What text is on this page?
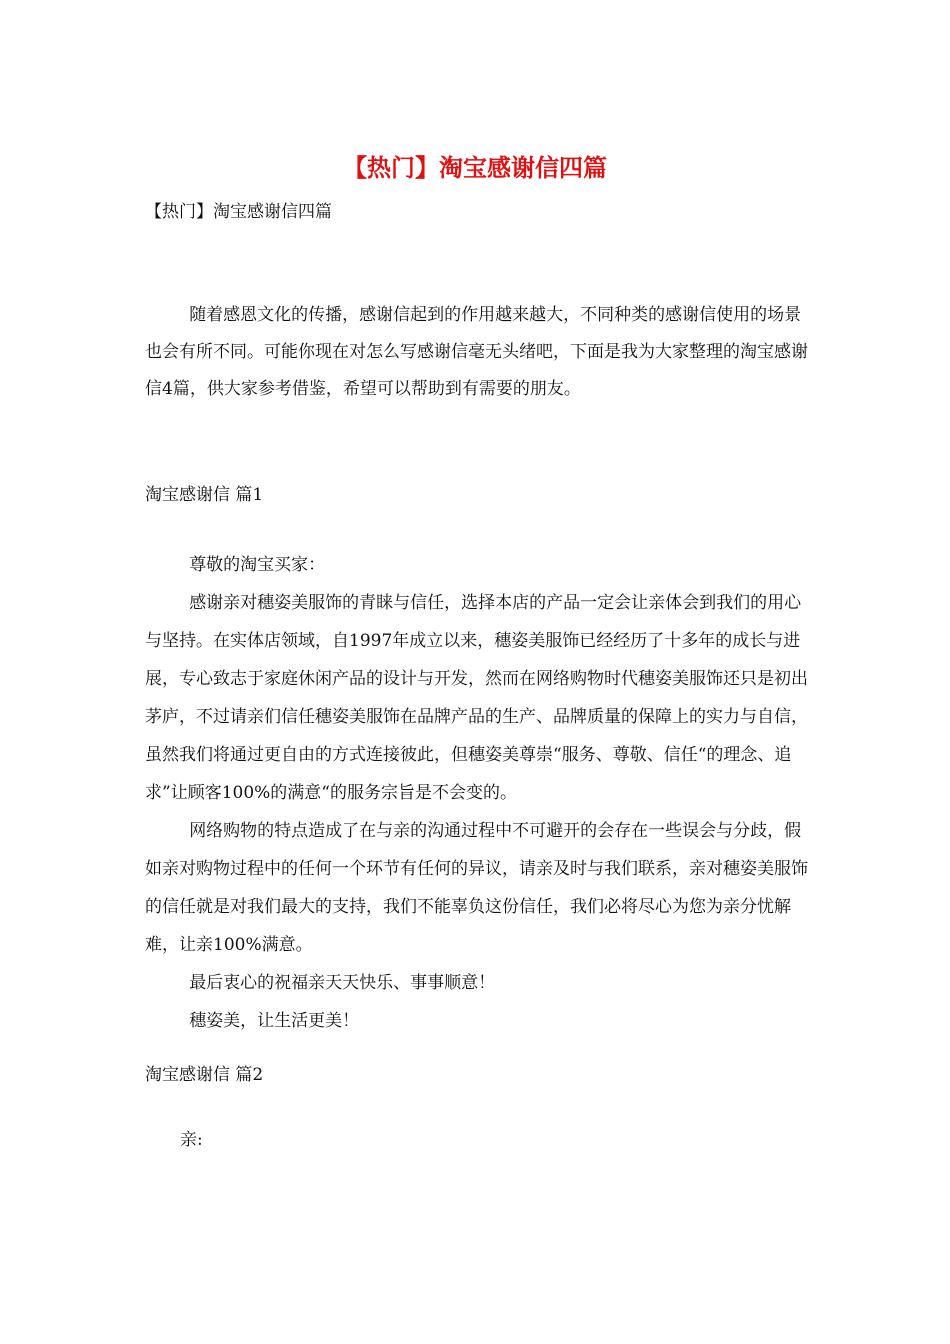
【热门】淘宝感谢信四篇
【热门】淘宝感谢信四篇

随着感恩文化的传播，感谢信起到的作用越来越大，不同种类的感谢信使用的场景也会有所不同。可能你现在对怎么写感谢信毫无头绪吧，下面是我为大家整理的淘宝感谢信4篇，供大家参考借鉴，希望可以帮助到有需要的朋友。

淘宝感谢信 篇1

尊敬的淘宝买家：

感谢亲对穗姿美服饰的青睐与信任，选择本店的产品一定会让亲体会到我们的用心与坚持。在实体店领域，自1997年成立以来，穗姿美服饰已经经历了十多年的成长与进展，专心致志于家庭休闲产品的设计与开发，然而在网络购物时代穗姿美服饰还只是初出茅庐，不过请亲们信任穗姿美服饰在品牌产品的生产、品牌质量的保障上的实力与自信，虽然我们将通过更自由的方式连接彼此，但穗姿美尊崇“服务、尊敬、信任“的理念、追求”让顾客100%的满意“的服务宗旨是不会变的。

网络购物的特点造成了在与亲的沟通过程中不可避开的会存在一些误会与分歧，假如亲对购物过程中的任何一个环节有任何的异议，请亲及时与我们联系，亲对穗姿美服饰的信任就是对我们最大的支持，我们不能辜负这份信任，我们必将尽心为您为亲分忧解难，让亲100%满意。

最后衷心的祝福亲天天快乐、事事顺意！

穗姿美，让生活更美！

淘宝感谢信 篇2
亲:
